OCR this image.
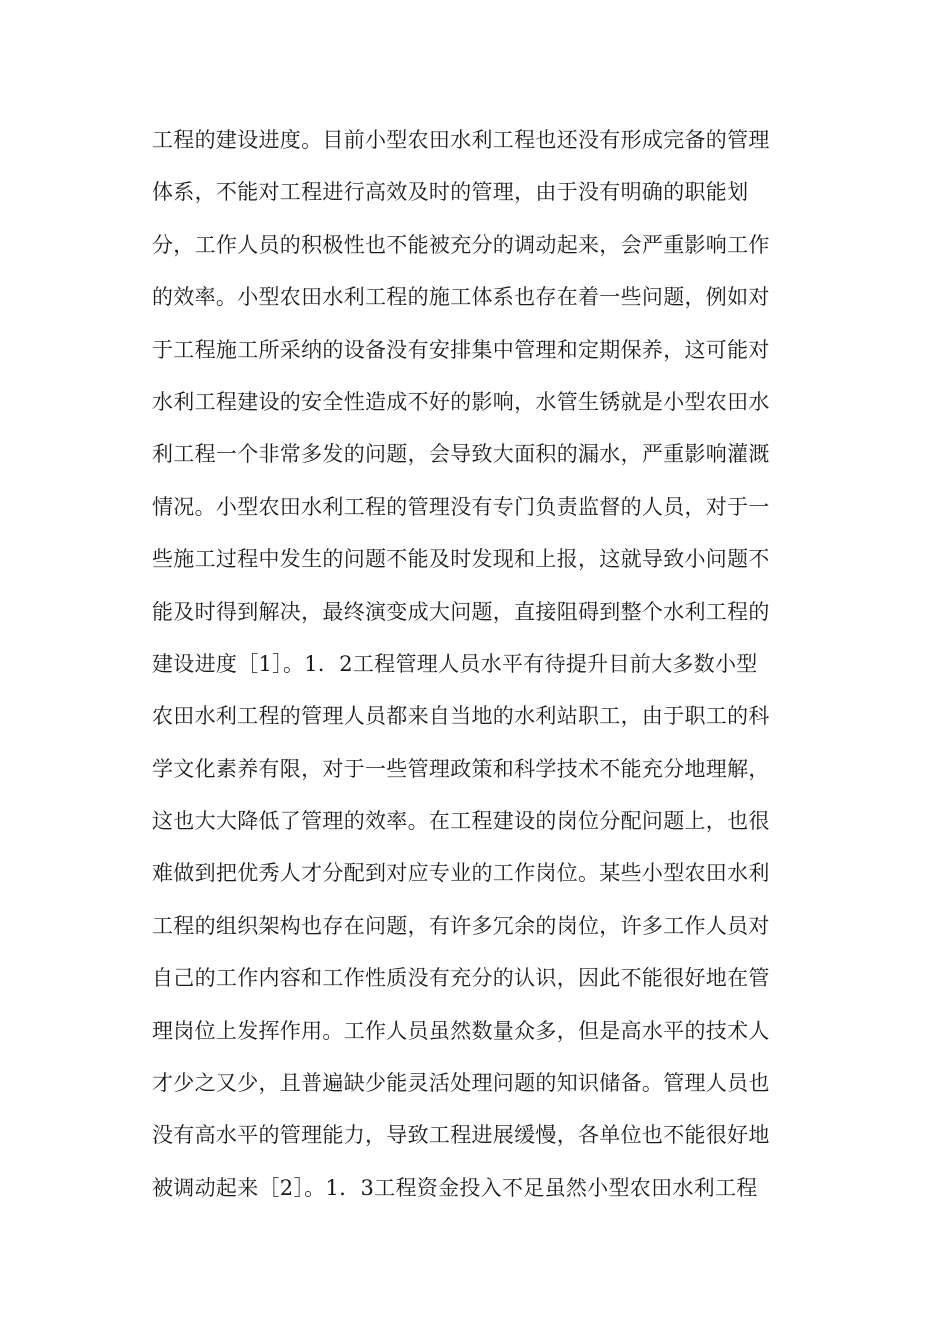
工程的建设进度。目前小型农田水利工程也还没有形成完备的管理
体系，不能对工程进行高效及时的管理，由于没有明确的职能划
分，工作人员的积极性也不能被充分的调动起来，会严重影响工作
的效率。小型农田水利工程的施工体系也存在着一些问题，例如对
于工程施工所采纳的设备没有安排集中管理和定期保养，这可能对
水利工程建设的安全性造成不好的影响，水管生锈就是小型农田水
利工程一个非常多发的问题，会导致大面积的漏水，严重影响灌溉
情况。小型农田水利工程的管理没有专门负责监督的人员，对于一
些施工过程中发生的问题不能及时发现和上报，这就导致小问题不
能及时得到解决，最终演变成大问题，直接阻碍到整个水利工程的
建设进度［1］。1．2工程管理人员水平有待提升目前大多数小型
农田水利工程的管理人员都来自当地的水利站职工，由于职工的科
学文化素养有限，对于一些管理政策和科学技术不能充分地理解，
这也大大降低了管理的效率。在工程建设的岗位分配问题上，也很
难做到把优秀人才分配到对应专业的工作岗位。某些小型农田水利
工程的组织架构也存在问题，有许多冗余的岗位，许多工作人员对
自己的工作内容和工作性质没有充分的认识，因此不能很好地在管
理岗位上发挥作用。工作人员虽然数量众多，但是高水平的技术人
才少之又少，且普遍缺少能灵活处理问题的知识储备。管理人员也
没有高水平的管理能力，导致工程进展缓慢，各单位也不能很好地
被调动起来［2］。1．3工程资金投入不足虽然小型农田水利工程
